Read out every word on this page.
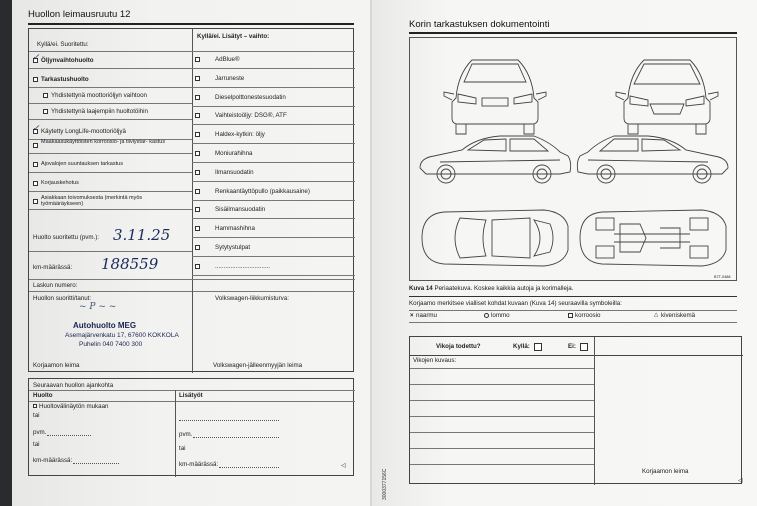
Huollon leimausruutu 12
Kyllä/ei. Suoritettu:
Kyllä/ei. Lisätyt – vaihto:
Öljynvaihtohuolto
Tarkastushuolto
Yhdistettynä moottoriöljyn vaihtoon
Yhdistettynä laajempiin huoltotöihin
Käytetty LongLife-moottoriöljyä
Maakaasukäyttöisten korroosio- ja tiiviystar- kastus
Ajovalojen suuntauksen tarkastus
Korjauskehotus
Asiakkaan toivomuksesta (merkintä myös työmääräykseen)
✓
✓
AdBlue®
Jarruneste
Dieselpolttonestesuodatin
Vaihteistoöljy: DSG®, ATF
Haldex-kytkin: öljy
Moniurahihna
Ilmansuodatin
Renkaantäyttöpullo (paikkausaine)
Sisäilmansuodatin
Hammashihna
Sytytystulpat
................................
Huolto suoritettu (pvm.): 3.11.25
km-määrässä: 188559
Laskun numero:
Huollon suoritti/tanut:	Volkswagen-liikkumisturva:
~ P ~ ~
Autohuolto MEG
Asemajärvenkatu 17, 67600 KOKKOLA
Puhelin 040 7400 300
Korjaamon leima	Volkswagen-jälleenmyyjän leima
Seuraavan huollon ajankohta
Huolto	Lisätyöt
Huoltovälinäytön mukaan
tai
pvm.
tai
km-määrässä:
pvm.
tai
km-määrässä:	◁
Korin tarkastuksen dokumentointi
B7T-0488
Kuva 14 Periaatekuva. Koskee kaikkia autoja ja korimalleja.
Korjaamo merkitsee vialliset kohdat kuvaan (Kuva 14) seuraavilla symboleilla:
× naarmu	lommo	korroosio	△ kiveniskemä
Vikoja todettu?	Kyllä:	Ei:
Vikojen kuvaus:
Korjaamon leima
3000377156C	◁
